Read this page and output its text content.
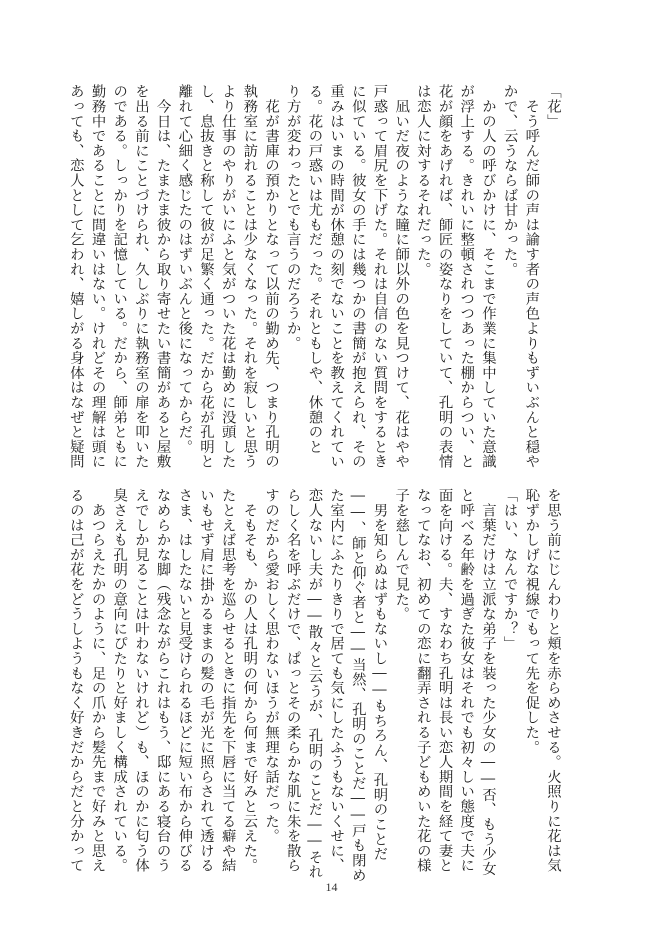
「花」
　そう呼んだ師の声は諭す者の声色よりもずいぶんと穏や
かで、云うならば甘かった。
　かの人の呼びかけに、そこまで作業に集中していた意識
が浮上する。きれいに整頓されつつあった棚からつい、と
花が顔をあげれば、師匠の姿なりをしていて、孔明の表情
は恋人に対するそれだった。
　凪いだ夜のような瞳に師以外の色を見つけて、花はやや
戸惑って眉尻を下げた。それは自信のない質問をするとき
に似ている。彼女の手には幾つかの書簡が抱えられ、その
重みはいまの時間が休憩の刻でないことを教えてくれてい
る。花の戸惑いは尤もだった。それともしや、休憩のと
り方が変わったとでも言うのだろうか。
　花が書庫の預かりとなって以前の勤め先、つまり孔明の
執務室に訪れることは少なくなった。それを寂しいと思う
より仕事のやりがいにふと気がついた花は勤めに没頭した
し、息抜きと称して彼が足繁く通った。だから花が孔明と
離れて心細く感じたのはずいぶんと後になってからだ。
　今日は、たまたま彼から取り寄せたい書簡があると屋敷
を出る前にことづけられ、久しぶりに執務室の扉を叩いた
のである。しっかりを記憶している。だから、師弟ともに
勤務中であることに間違いはない。けれどその理解は頭に
あっても、恋人として乞われ、嬉しがる身体はなぜと疑問
を思う前にじんわりと頬を赤らめさせる。火照りに花は気
恥ずかしげな視線でもって先を促した。
「はい、なんですか？」
　言葉だけは立派な弟子を装った少女の――否、もう少女
と呼べる年齢を過ぎた彼女はそれでも初々しい態度で夫に
面を向ける。夫、すなわち孔明は長い恋人期間を経て妻と
なってなお、初めての恋に翻弄される子どもめいた花の様
子を慈しんで見た。
　男を知らぬはずもないし――もちろん、孔明のことだ
――、師と仰ぐ者と――当然、孔明のことだ――戸も閉め
た室内にふたりきりで居ても気にしたふうもないくせに、
恋人ないし夫が――散々と云うが、孔明のことだ――それ
らしく名を呼ぶだけで、ぱっとその柔らかな肌に朱を散ら
すのだから愛おしく思わないほうが無理な話だった。
　そもそも、かの人は孔明の何から何まで好みと云えた。
たとえば思考を巡らせるときに指先を下唇に当てる癖や結
いもせず肩に掛かるままの髪の毛が光に照らされて透ける
さま、はしたないと見受けられるほどに短い布から伸びる
なめらかな脚（残念ながらこれはもう、邸にある寝台のう
えでしか見ることは叶わないけれど）も、ほのかに匂う体
臭さえも孔明の意向にぴたりと好ましく構成されている。
　あつらえたかのように、足の爪から髪先まで好みと思え
るのは己が花をどうしようもなく好きだからだと分かって
14
